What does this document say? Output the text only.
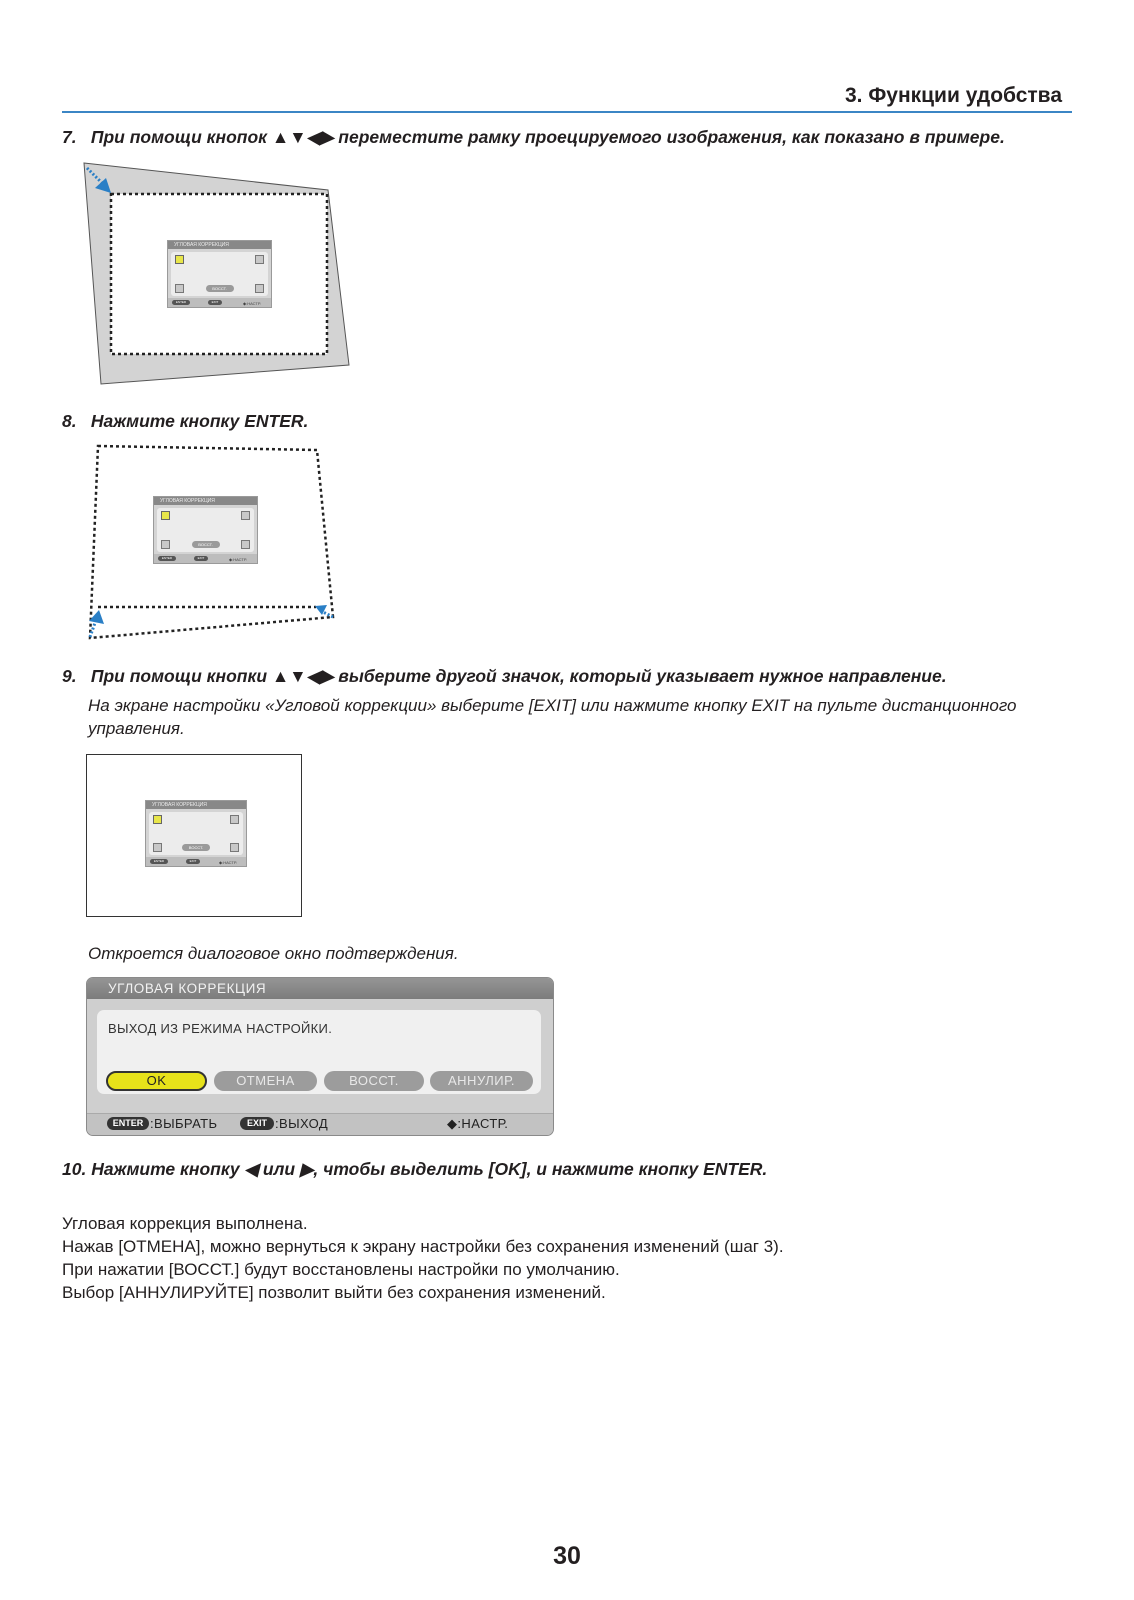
3. Функции удобства

7. При помощи кнопок ▲▼◀▶ переместите рамку проецируемого изображения, как показано в примере.

УГЛОВАЯ КОРРЕКЦИЯ
ВОССТ.
ENTER	EXIT	◆:НАСТР.

8. Нажмите кнопку ENTER.

УГЛОВАЯ КОРРЕКЦИЯ
ВОССТ.
ENTER	EXIT	◆:НАСТР.

9. При помощи кнопки ▲▼◀▶ выберите другой значок, который указывает нужное направление.

На экране настройки «Угловой коррекции» выберите [EXIT] или нажмите кнопку EXIT на пульте дистанционного

управления.

УГЛОВАЯ КОРРЕКЦИЯ
ВОССТ.
ENTER	EXIT	◆:НАСТР.

Откроется диалоговое окно подтверждения.

УГЛОВАЯ КОРРЕКЦИЯ
ВЫХОД ИЗ РЕЖИМА НАСТРОЙКИ.
OK	ОТМЕНА	ВОССТ.	АННУЛИР.
ENTER :ВЫБРАТЬ	EXIT :ВЫХОД	◆:НАСТР.

10. Нажмите кнопку ◀ или ▶, чтобы выделить [OK], и нажмите кнопку ENTER.

Угловая коррекция выполнена.

Нажав [ОТМЕНА], можно вернуться к экрану настройки без сохранения изменений (шаг 3).

При нажатии [ВОССТ.] будут восстановлены настройки по умолчанию.

Выбор [АННУЛИРУЙТЕ] позволит выйти без сохранения изменений.

30
